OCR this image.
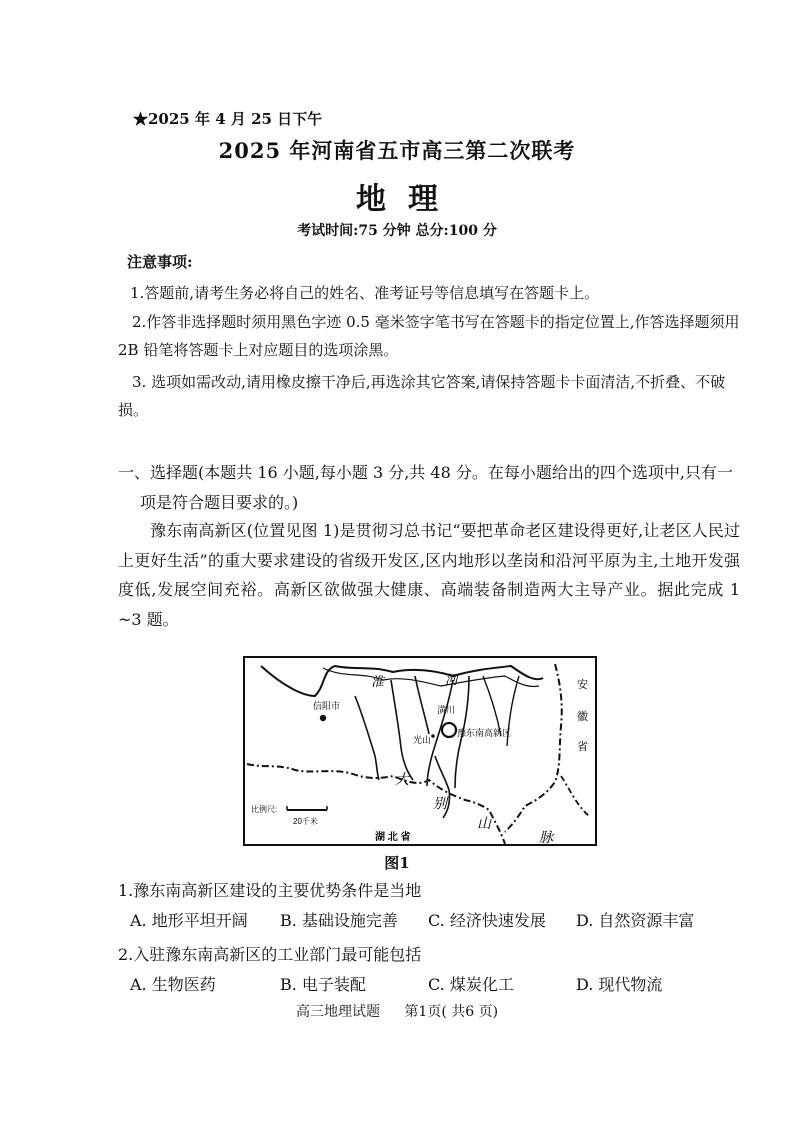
★2025 年 4 月 25 日下午
2025 年河南省五市高三第二次联考
地理
考试时间:75 分钟 总分:100 分
注意事项:
1.答题前,请考生务必将自己的姓名、准考证号等信息填写在答题卡上。
2.作答非选择题时须用黑色字迹 0.5 毫米签字笔书写在答题卡的指定位置上,作答选择题须用 2B 铅笔将答题卡上对应题目的选项涂黑。
3. 选项如需改动,请用橡皮擦干净后,再选涂其它答案,请保持答题卡卡面清洁,不折叠、不破损。
一、选择题(本题共 16 小题,每小题 3 分,共 48 分。在每小题给出的四个选项中,只有一
项是符合题目要求的。)
豫东南高新区(位置见图 1)是贯彻习总书记“要把革命老区建设得更好,让老区人民过上更好生活”的重大要求建设的省级开发区,区内地形以垄岗和沿河平原为主,土地开发强度低,发展空间充裕。高新区欲做强大健康、高端装备制造两大主导产业。据此完成 1 ~3 题。
信阳市
淮	河
潢川
光山
豫东南高新区
安
徽
省
大
别
山
脉
湖 北 省
比例尺:
20千米
图1
1.豫东南高新区建设的主要优势条件是当地
A. 地形平坦开阔	B. 基础设施完善	C. 经济快速发展	D. 自然资源丰富
2.入驻豫东南高新区的工业部门最可能包括
A. 生物医药	B. 电子装配	C. 煤炭化工	D. 现代物流
高三地理试题 第1页( 共6 页)
